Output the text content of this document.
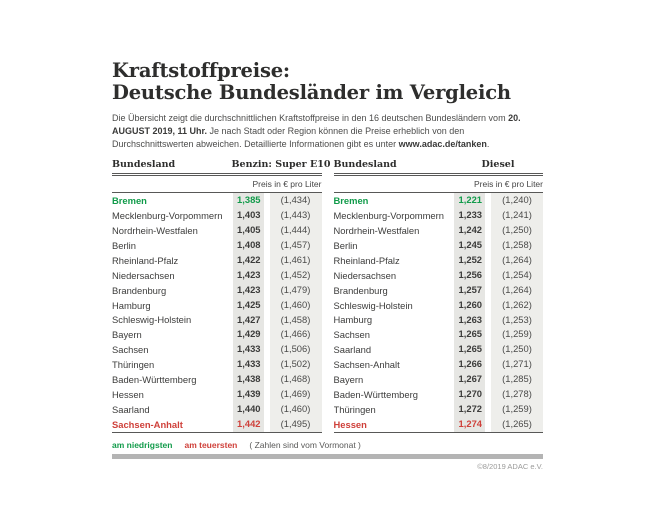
Kraftstoffpreise:
Deutsche Bundesländer im Vergleich

Die Übersicht zeigt die durchschnittlichen Kraftstoffpreise in den 16 deutschen Bundesländern vom 20. AUGUST 2019, 11 Uhr. Je nach Stadt oder Region können die Preise erheblich von den Durchschnittswerten abweichen. Detaillierte Informationen gibt es unter www.adac.de/tanken.

Bundesland	Benzin: Super E10
Preis in € pro Liter
Bremen	1,385	(1,434)
Mecklenburg-Vorpommern	1,403	(1,443)
Nordrhein-Westfalen	1,405	(1,444)
Berlin	1,408	(1,457)
Rheinland-Pfalz	1,422	(1,461)
Niedersachsen	1,423	(1,452)
Brandenburg	1,423	(1,479)
Hamburg	1,425	(1,460)
Schleswig-Holstein	1,427	(1,458)
Bayern	1,429	(1,466)
Sachsen	1,433	(1,506)
Thüringen	1,433	(1,502)
Baden-Württemberg	1,438	(1,468)
Hessen	1,439	(1,469)
Saarland	1,440	(1,460)
Sachsen-Anhalt	1,442	(1,495)
Bundesland	Diesel
Preis in € pro Liter
Bremen	1,221	(1,240)
Mecklenburg-Vorpommern	1,233	(1,241)
Nordrhein-Westfalen	1,242	(1,250)
Berlin	1,245	(1,258)
Rheinland-Pfalz	1,252	(1,264)
Niedersachsen	1,256	(1,254)
Brandenburg	1,257	(1,264)
Schleswig-Holstein	1,260	(1,262)
Hamburg	1,263	(1,253)
Sachsen	1,265	(1,259)
Saarland	1,265	(1,250)
Sachsen-Anhalt	1,266	(1,271)
Bayern	1,267	(1,285)
Baden-Württemberg	1,270	(1,278)
Thüringen	1,272	(1,259)
Hessen	1,274	(1,265)
am niedrigsten am teuersten ( Zahlen sind vom Vormonat )
©8/2019 ADAC e.V.
